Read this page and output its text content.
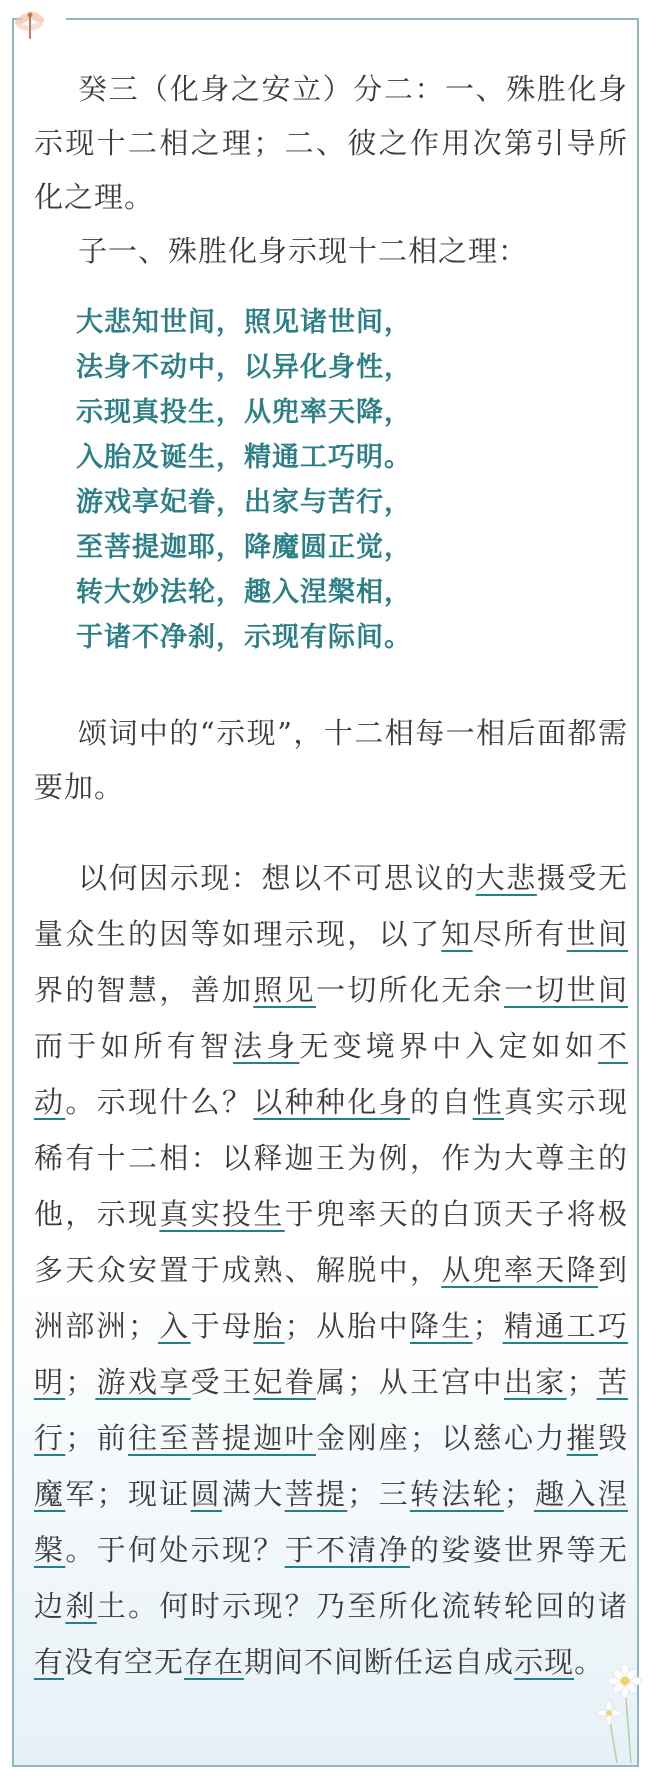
癸三（化身之安立）分二：一、殊胜化身示现十二相之理；二、彼之作用次第引导所化之理。

子一、殊胜化身示现十二相之理：

大悲知世间，照见诸世间，

法身不动中，以异化身性，

示现真投生，从兜率天降，

入胎及诞生，精通工巧明。

游戏享妃眷，出家与苦行，

至菩提迦耶，降魔圆正觉，

转大妙法轮，趣入涅槃相，

于诸不净刹，示现有际间。

颂词中的“示现”，十二相每一相后面都需要加。

以何因示现：想以不可思议的大悲摄受无量众生的因等如理示现，以了知尽所有世间界的智慧，善加照见一切所化无余一切世间而于如所有智法身无变境界中入定如如不动。示现什么？以种种化身的自性真实示现稀有十二相：以释迦王为例，作为大尊主的他，示现真实投生于兜率天的白顶天子将极多天众安置于成熟、解脱中，从兜率天降到洲部洲；入于母胎；从胎中降生；精通工巧明；游戏享受王妃眷属；从王宫中出家；苦行；前往至菩提迦叶金刚座；以慈心力摧毁魔军；现证圆满大菩提；三转法轮；趣入涅槃。于何处示现？于不清净的娑婆世界等无边刹土。何时示现？乃至所化流转轮回的诸有没有空无存在期间不间断任运自成示现。
